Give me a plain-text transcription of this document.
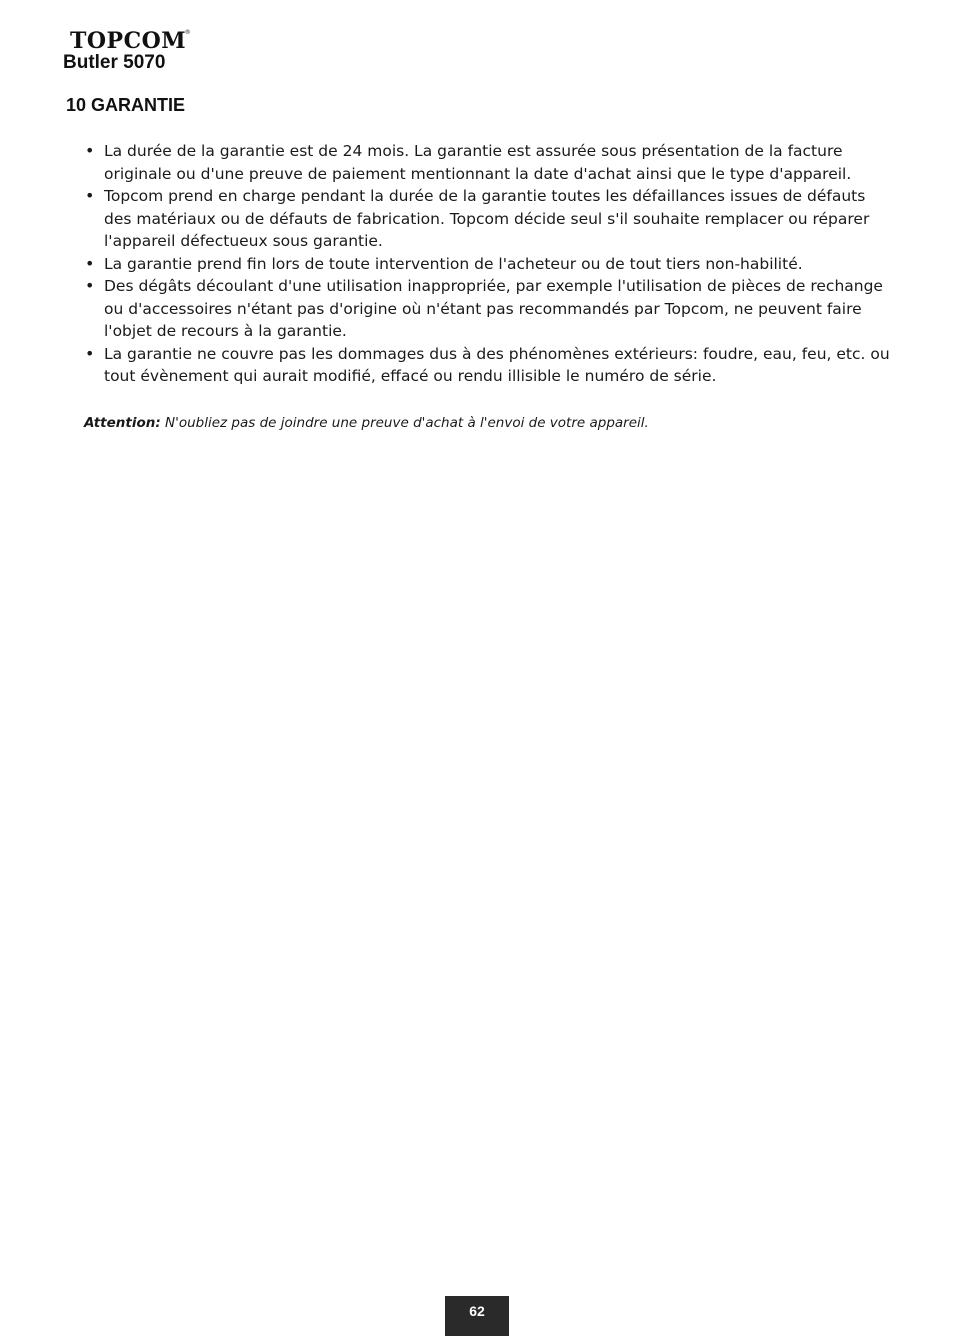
TOPCOM
®
Butler 5070
10 GARANTIE
• La durée de la garantie est de 24 mois. La garantie est assurée sous présentation de la facture originale ou d'une preuve de paiement mentionnant la date d'achat ainsi que le type d'appareil.
• Topcom prend en charge pendant la durée de la garantie toutes les défaillances issues de défauts des matériaux ou de défauts de fabrication. Topcom décide seul s'il souhaite remplacer ou réparer l'appareil défectueux sous garantie.
• La garantie prend fin lors de toute intervention de l'acheteur ou de tout tiers non-habilité.
• Des dégâts découlant d'une utilisation inappropriée, par exemple l'utilisation de pièces de rechange ou d'accessoires n'étant pas d'origine où n'étant pas recommandés par Topcom, ne peuvent faire l'objet de recours à la garantie.
• La garantie ne couvre pas les dommages dus à des phénomènes extérieurs: foudre, eau, feu, etc. ou tout évènement qui aurait modifié, effacé ou rendu illisible le numéro de série.

Attention: N'oubliez pas de joindre une preuve d'achat à l'envoi de votre appareil.

62
